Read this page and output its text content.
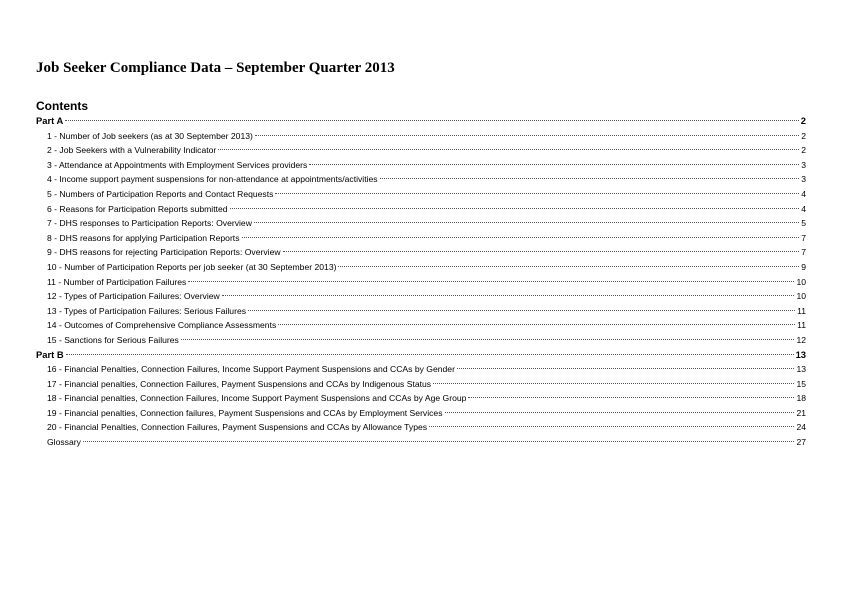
Job Seeker Compliance Data – September Quarter 2013
Contents
Part A	2
1 - Number of Job seekers (as at 30 September 2013)	2
2 - Job Seekers with a Vulnerability Indicator	2
3 - Attendance at Appointments with Employment Services providers	3
4 - Income support payment suspensions for non-attendance at appointments/activities	3
5 - Numbers of Participation Reports and Contact Requests	4
6 - Reasons for Participation Reports submitted	4
7 - DHS responses to Participation Reports: Overview	5
8 - DHS reasons for applying Participation Reports	7
9 - DHS reasons for rejecting Participation Reports: Overview	7
10 - Number of Participation Reports per job seeker (at 30 September 2013)	9
11 - Number of Participation Failures	10
12 - Types of Participation Failures: Overview	10
13 - Types of Participation Failures: Serious Failures	11
14 - Outcomes of Comprehensive Compliance Assessments	11
15 - Sanctions for Serious Failures	12
Part B	13
16 - Financial Penalties, Connection Failures, Income Support Payment Suspensions and CCAs by Gender	13
17 - Financial penalties, Connection Failures, Payment Suspensions and CCAs by Indigenous Status	15
18 - Financial penalties, Connection Failures, Income Support Payment Suspensions and CCAs by Age Group	18
19 - Financial penalties, Connection failures, Payment Suspensions and CCAs by Employment Services	21
20 - Financial Penalties, Connection Failures, Payment Suspensions and CCAs by Allowance Types	24
Glossary	27
